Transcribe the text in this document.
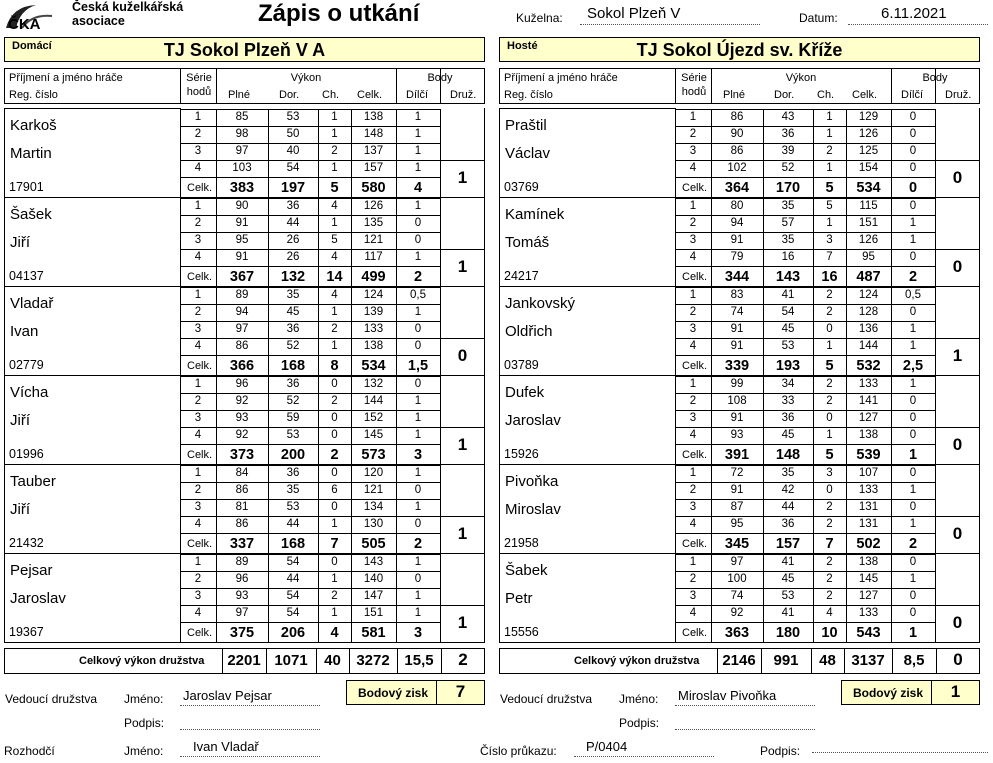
ČKA
Česká kuželkářská asociace	Zápis o utkání	Kuželna:	Sokol Plzeň V	Datum:	6.11.2021
Domácí	TJ Sokol Plzeň V A
Příjmení a jméno hráče
Reg. číslo
Série
hodů
Výkon
Plné	Dor. Ch. Celk.
Body
Dílčí Druž.
Karkoš
Martin
17901
1	85	53	1	138	1
2	98	50	1	148	1
3	97	40	2	137	1
4	103	54	1	157	1
Celk.	383	197	5	580	4
1
Šašek
Jiří
04137
1	90	36	4	126	1
2	91	44	1	135	0
3	95	26	5	121	0
4	91	26	4	117	1
Celk.	367	132	14	499	2
1
Vladař
Ivan
02779
1	89	35	4	124	0,5
2	94	45	1	139	1
3	97	36	2	133	0
4	86	52	1	138	0
Celk.	366	168	8	534	1,5
0
Vícha
Jiří
01996
1	96	36	0	132	0
2	92	52	2	144	1
3	93	59	0	152	1
4	92	53	0	145	1
Celk.	373	200	2	573	3
1
Tauber
Jiří
21432
1	84	36	0	120	1
2	86	35	6	121	0
3	81	53	0	134	1
4	86	44	1	130	0
Celk.	337	168	7	505	2
1
Pejsar
Jaroslav
19367
1	89	54	0	143	1
2	96	44	1	140	0
3	93	54	2	147	1
4	97	54	1	151	1
Celk.	375	206	4	581	3
1
Celkový výkon družstva	2201 1071	40	3272 15,5	2
Bodový zisk	7
Vedoucí družstva Jméno: Jaroslav Pejsar
Podpis:
Hosté	TJ Sokol Újezd sv. Kříže
Příjmení a jméno hráče
Reg. číslo
Série
hodů
Výkon
Plné	Dor. Ch. Celk.
Body
Dílčí Druž.
Praštil
Václav
03769
1	86	43	1	129	0
2	90	36	1	126	0
3	86	39	2	125	0
4	102	52	1	154	0
Celk.	364	170	5	534	0
0
Kamínek
Tomáš
24217
1	80	35	5	115	0
2	94	57	1	151	1
3	91	35	3	126	1
4	79	16	7	95	0
Celk.	344	143	16	487	2
0
Jankovský
Oldřich
03789
1	83	41	2	124	0,5
2	74	54	2	128	0
3	91	45	0	136	1
4	91	53	1	144	1
Celk.	339	193	5	532	2,5
1
Dufek
Jaroslav
15926
1	99	34	2	133	1
2	108	33	2	141	0
3	91	36	0	127	0
4	93	45	1	138	0
Celk.	391	148	5	539	1
0
Pivoňka
Miroslav
21958
1	72	35	3	107	0
2	91	42	0	133	1
3	87	44	2	131	0
4	95	36	2	131	1
Celk.	345	157	7	502	2
0
Šabek
Petr
15556
1	97	41	2	138	0
2	100	45	2	145	1
3	74	53	2	127	0
4	92	41	4	133	0
Celk.	363	180	10	543	1
0
Celkový výkon družstva	2146	991	48	3137	8,5	0
Bodový zisk	1
Vedoucí družstva Jméno: Miroslav Pivoňka
Podpis:
Rozhodčí	Jméno:	Ivan Vladař	Číslo průkazu:	P/0404	Podpis:
